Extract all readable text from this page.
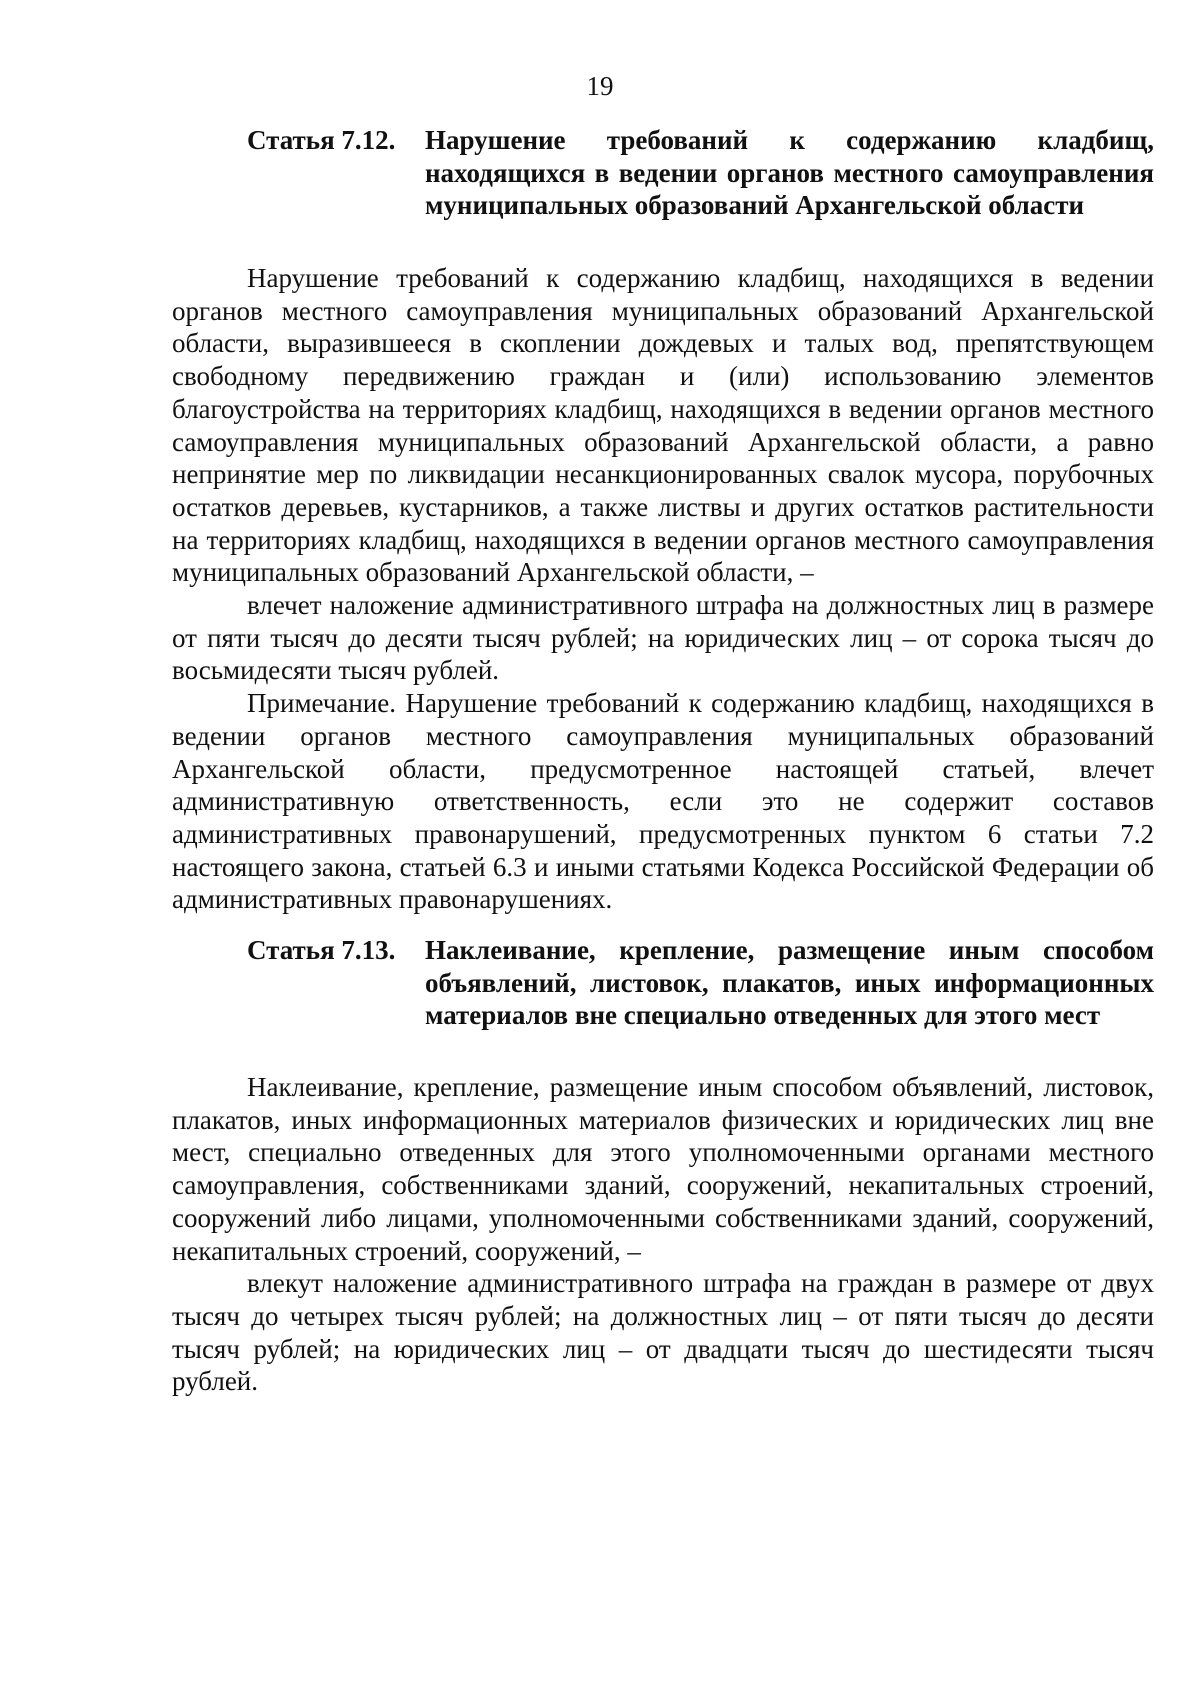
19
Статья 7.12.	Нарушение требований к содержанию кладбищ, находящихся в ведении органов местного самоуправления муниципальных образований Архангельской области

Нарушение требований к содержанию кладбищ, находящихся в ведении органов местного самоуправления муниципальных образований Архангельской области, выразившееся в скоплении дождевых и талых вод, препятствующем свободному передвижению граждан и (или) использованию элементов благоустройства на территориях кладбищ, находящихся в ведении органов местного самоуправления муниципальных образований Архангельской области, а равно непринятие мер по ликвидации несанкционированных свалок мусора, порубочных остатков деревьев, кустарников, а также листвы и других остатков растительности на территориях кладбищ, находящихся в ведении органов местного самоуправления муниципальных образований Архангельской области, –

влечет наложение административного штрафа на должностных лиц в размере от пяти тысяч до десяти тысяч рублей; на юридических лиц – от сорока тысяч до восьмидесяти тысяч рублей.

Примечание. Нарушение требований к содержанию кладбищ, находящихся в ведении органов местного самоуправления муниципальных образований Архангельской области, предусмотренное настоящей статьей, влечет административную ответственность, если это не содержит составов административных правонарушений, предусмотренных пунктом 6 статьи 7.2 настоящего закона, статьей 6.3 и иными статьями Кодекса Российской Федерации об административных правонарушениях.

Статья 7.13.	Наклеивание, крепление, размещение иным способом объявлений, листовок, плакатов, иных информационных материалов вне специально отведенных для этого мест

Наклеивание, крепление, размещение иным способом объявлений, листовок, плакатов, иных информационных материалов физических и юридических лиц вне мест, специально отведенных для этого уполномоченными органами местного самоуправления, собственниками зданий, сооружений, некапитальных строений, сооружений либо лицами, уполномоченными собственниками зданий, сооружений, некапитальных строений, сооружений, –

влекут наложение административного штрафа на граждан в размере от двух тысяч до четырех тысяч рублей; на должностных лиц – от пяти тысяч до десяти тысяч рублей; на юридических лиц – от двадцати тысяч до шестидесяти тысяч рублей.
